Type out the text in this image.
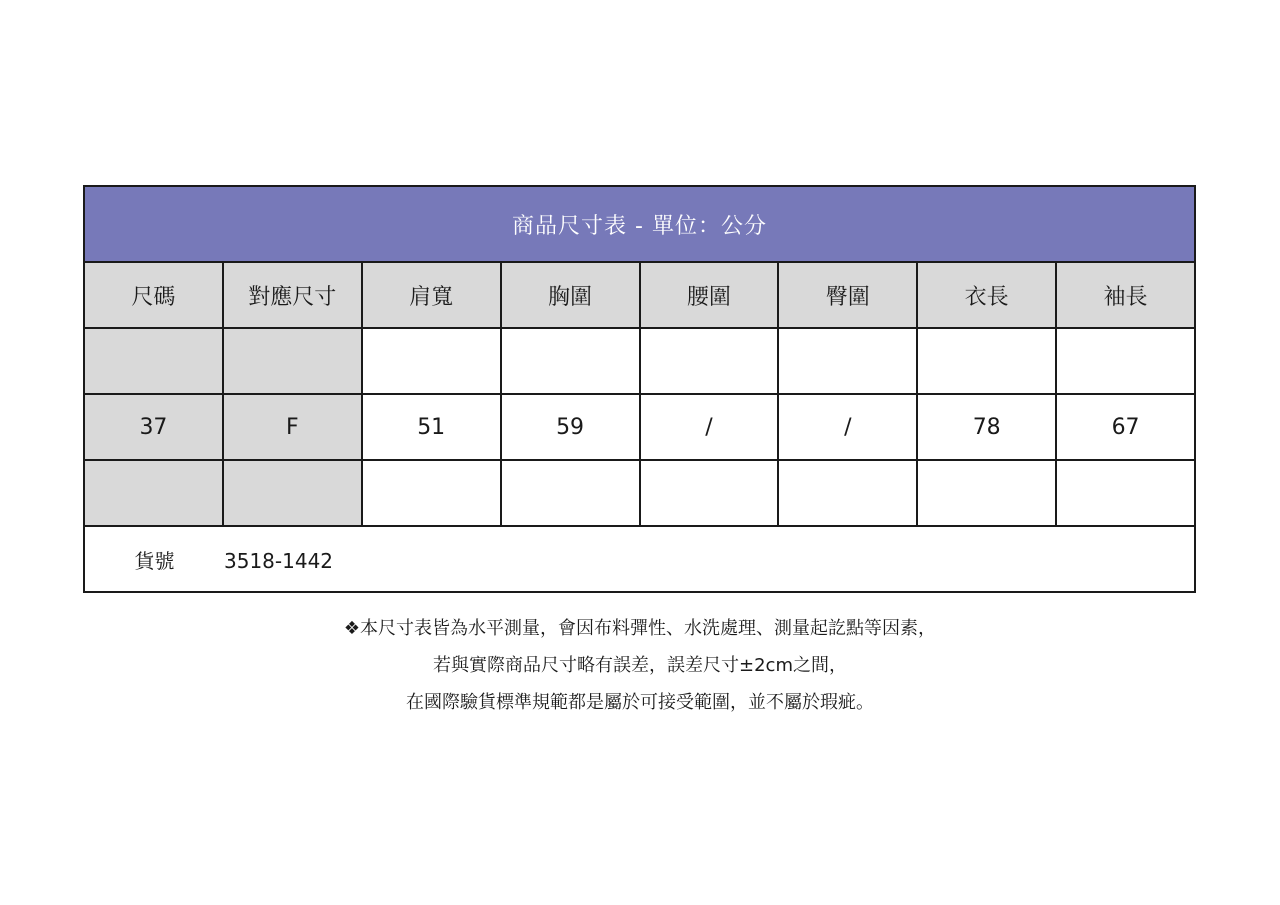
商品尺寸表 - 單位：公分							
尺碼	對應尺寸	肩寬	胸圍	腰圍	臀圍	衣長	袖長

37	F	51	59	/	/	78	67

貨號 3518-1442							
❖本尺寸表皆為水平測量，會因布料彈性、水洗處理、測量起訖點等因素，
若與實際商品尺寸略有誤差，誤差尺寸±2cm之間，
在國際驗貨標準規範都是屬於可接受範圍，並不屬於瑕疵。
